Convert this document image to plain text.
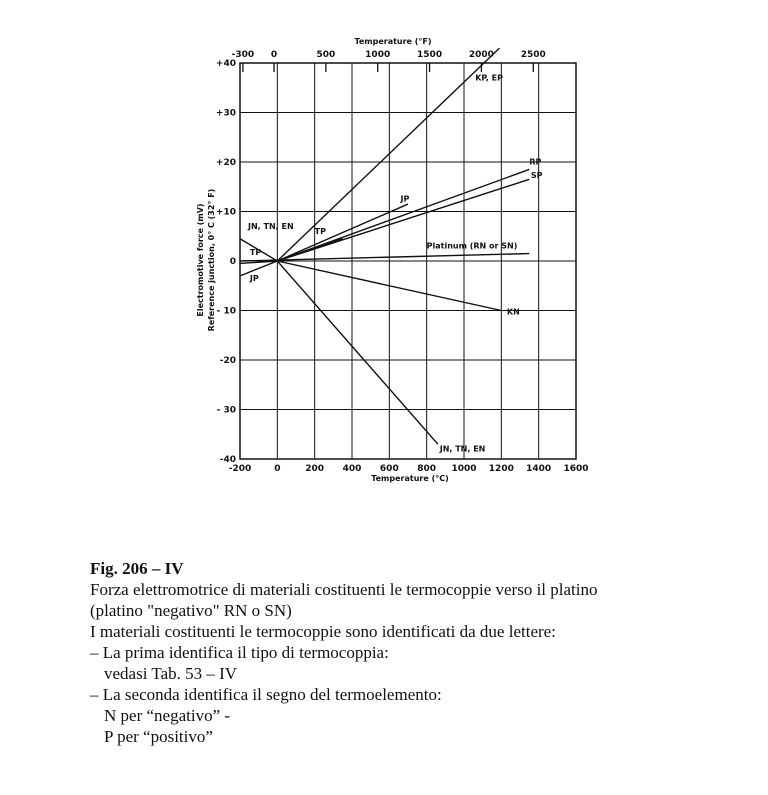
KP, EP
RP
SP
JP
TP
Platinum (RN or SN)
KN
JN, TN, EN
JN, TN, EN
TP
JP
-200	0	200 400 600 800 1000 1200 1400 1600
+40
+30
+20
+10
0
- 10
-20
- 30
-40
-300 0	500	1000	1500	2000	2500
Temperature (°C)
Temperature (°F)
Electromotive force (mV) Reference junction, 0° C (32° F)
Fig. 206 – IV
Forza elettromotrice di materiali costituenti le termocoppie verso il platino
(platino "negativo" RN o SN)
I materiali costituenti le termocoppie sono identificati da due lettere:
– La prima identifica il tipo di termocoppia:
vedasi Tab. 53 – IV
– La seconda identifica il segno del termoelemento:
N per “negativo” -
P per “positivo”
